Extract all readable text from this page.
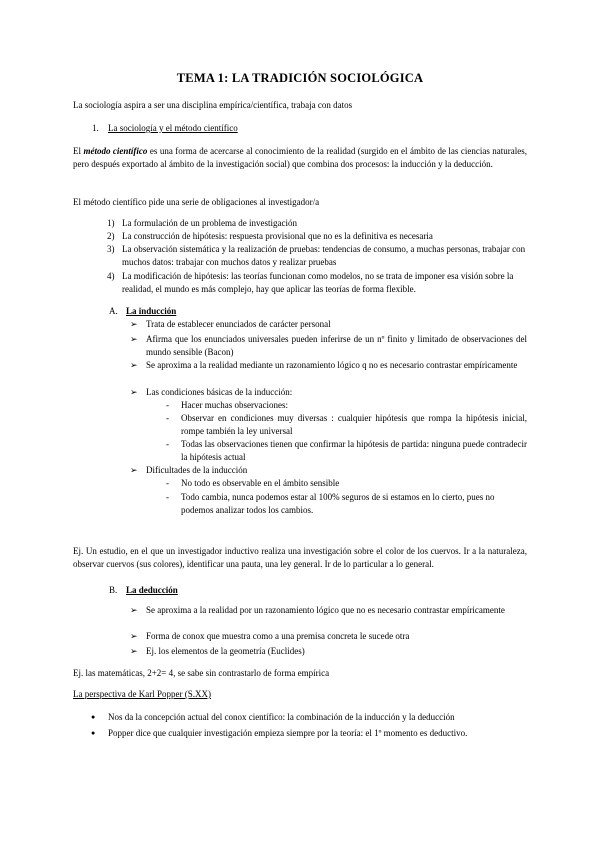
TEMA 1: LA TRADICIÓN SOCIOLÓGICA
La sociología aspira a ser una disciplina empírica/científica, trabaja con datos
1. La sociología y el método científico
El método científico es una forma de acercarse al conocimiento de la realidad (surgido en el ámbito de las ciencias naturales, pero después exportado al ámbito de la investigación social) que combina dos procesos: la inducción y la deducción.
El método científico pide una serie de obligaciones al investigador/a
1) La formulación de un problema de investigación
2) La construcción de hipótesis: respuesta provisional que no es la definitiva es necesaria
3) La observación sistemática y la realización de pruebas: tendencias de consumo, a muchas personas, trabajar con muchos datos: trabajar con muchos datos y realizar pruebas
4) La modificación de hipótesis: las teorías funcionan como modelos, no se trata de imponer esa visión sobre la realidad, el mundo es más complejo, hay que aplicar las teorías de forma flexible.
A. La inducción
➢ Trata de establecer enunciados de carácter personal
➢ Afirma que los enunciados universales pueden inferirse de un nº finito y limitado de observaciones del mundo sensible (Bacon)
➢ Se aproxima a la realidad mediante un razonamiento lógico q no es necesario contrastar empíricamente
➢ Las condiciones básicas de la inducción:
- Hacer muchas observaciones:
- Observar en condiciones muy diversas : cualquier hipótesis que rompa la hipótesis inicial, rompe también la ley universal
- Todas las observaciones tienen que confirmar la hipótesis de partida: ninguna puede contradecir la hipótesis actual
➢ Dificultades de la inducción
- No todo es observable en el ámbito sensible
- Todo cambia, nunca podemos estar al 100% seguros de si estamos en lo cierto, pues no podemos analizar todos los cambios.
Ej. Un estudio, en el que un investigador inductivo realiza una investigación sobre el color de los cuervos. Ir a la naturaleza, observar cuervos (sus colores), identificar una pauta, una ley general. Ir de lo particular a lo general.
B. La deducción
➢ Se aproxima a la realidad por un razonamiento lógico que no es necesario contrastar empíricamente
➢ Forma de conox que muestra como a una premisa concreta le sucede otra
➢ Ej. los elementos de la geometría (Euclides)
Ej. las matemáticas, 2+2= 4, se sabe sin contrastarlo de forma empírica
La perspectiva de Karl Popper (S.XX)
● Nos da la concepción actual del conox científico: la combinación de la inducción y la deducción
● Popper dice que cualquier investigación empieza siempre por la teoría: el 1º momento es deductivo.
